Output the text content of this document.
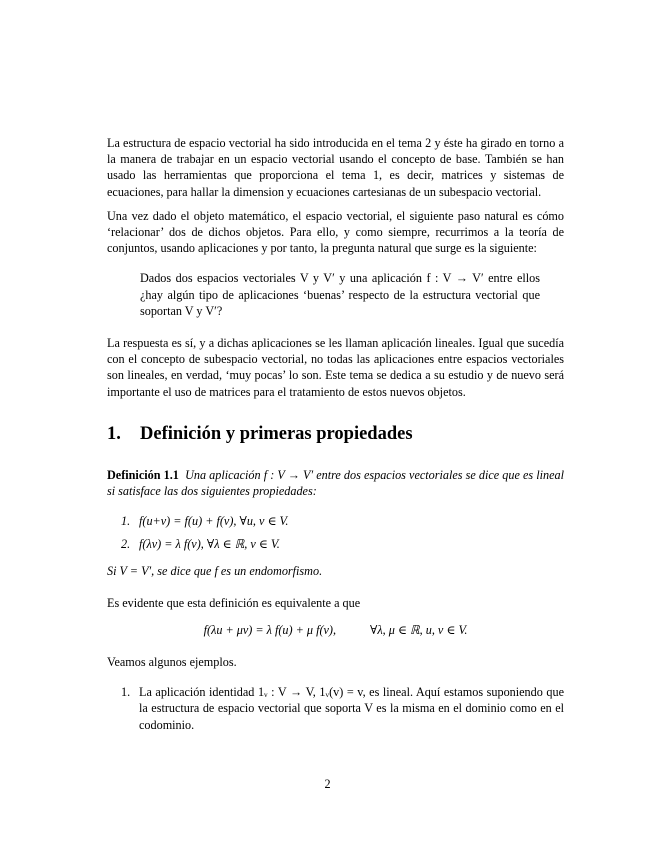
La estructura de espacio vectorial ha sido introducida en el tema 2 y éste ha girado en torno a la manera de trabajar en un espacio vectorial usando el concepto de base. También se han usado las herramientas que proporciona el tema 1, es decir, matrices y sistemas de ecuaciones, para hallar la dimension y ecuaciones cartesianas de un subespacio vectorial.

Una vez dado el objeto matemático, el espacio vectorial, el siguiente paso natural es cómo ‘relacionar’ dos de dichos objetos. Para ello, y como siempre, recurrimos a la teoría de conjuntos, usando aplicaciones y por tanto, la pregunta natural que surge es la siguiente:

Dados dos espacios vectoriales V y V′ y una aplicación f : V → V′ entre ellos ¿hay algún tipo de aplicaciones ‘buenas’ respecto de la estructura vectorial que soportan V y V′?

La respuesta es sí, y a dichas aplicaciones se les llaman aplicación lineales. Igual que sucedía con el concepto de subespacio vectorial, no todas las aplicaciones entre espacios vectoriales son lineales, en verdad, ‘muy pocas’ lo son. Este tema se dedica a su estudio y de nuevo será importante el uso de matrices para el tratamiento de estos nuevos objetos.

1. Definición y primeras propiedades

Definición 1.1 Una aplicación f : V → V′ entre dos espacios vectoriales se dice que es lineal si satisface las dos siguientes propiedades:

1. f(u+v) = f(u) + f(v), ∀u, v ∈ V.
2. f(λv) = λ f(v), ∀λ ∈ ℝ, v ∈ V.

Si V = V′, se dice que f es un endomorfismo.

Es evidente que esta definición es equivalente a que

f(λu + μv) = λ f(u) + μ f(v),	∀λ, μ ∈ ℝ, u, v ∈ V.

Veamos algunos ejemplos.

1. La aplicación identidad 1ᵥ : V → V, 1ᵥ(v) = v, es lineal. Aquí estamos suponiendo que la estructura de espacio vectorial que soporta V es la misma en el dominio como en el codominio.
2
